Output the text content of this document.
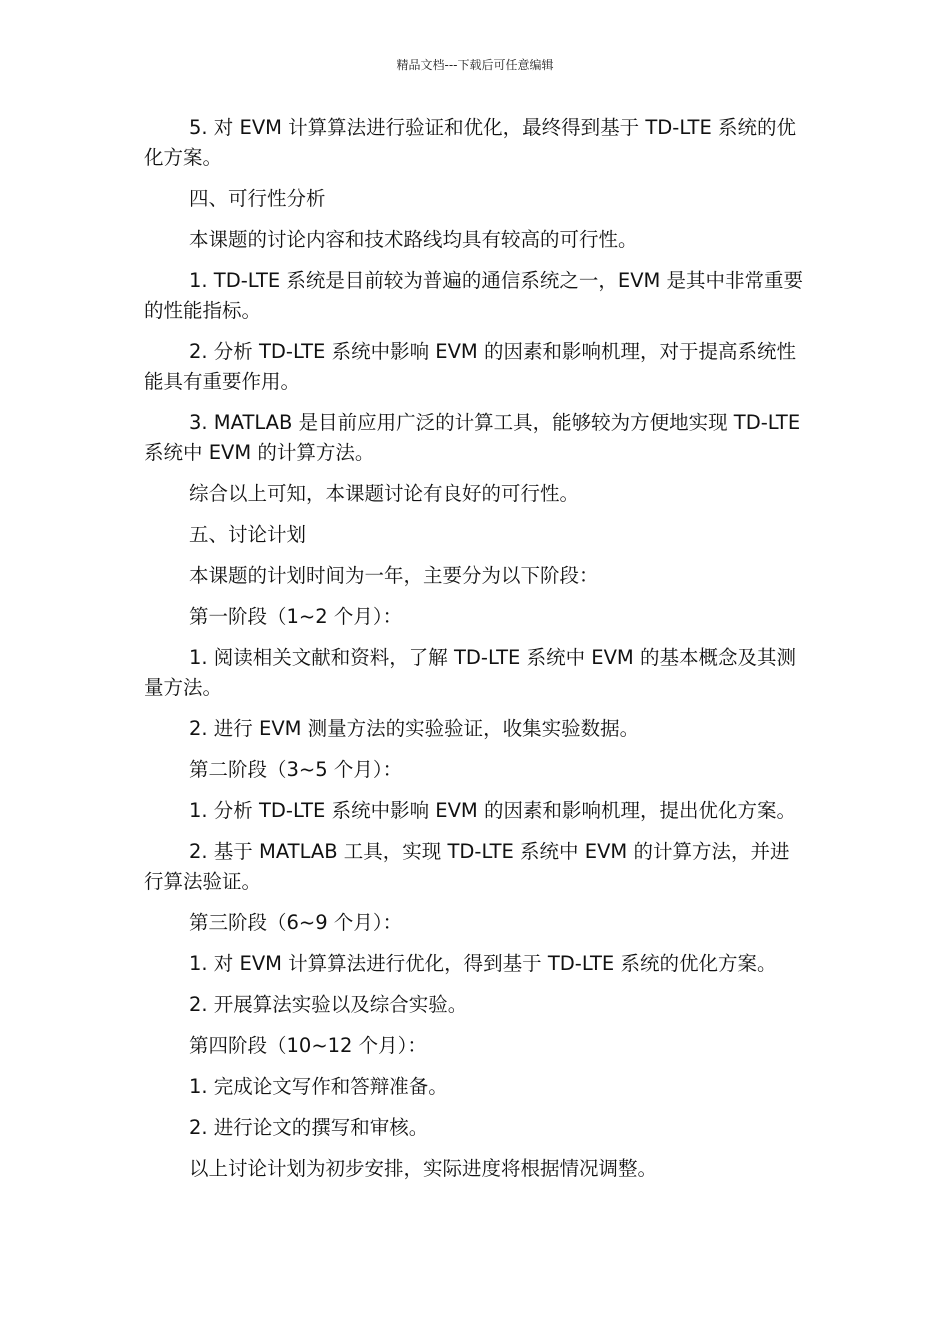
精品文档---下载后可任意编辑

5. 对 EVM 计算算法进行验证和优化，最终得到基于 TD-LTE 系统的优化方案。

四、可行性分析

本课题的讨论内容和技术路线均具有较高的可行性。

1. TD-LTE 系统是目前较为普遍的通信系统之一，EVM 是其中非常重要的性能指标。

2. 分析 TD-LTE 系统中影响 EVM 的因素和影响机理，对于提高系统性能具有重要作用。

3. MATLAB 是目前应用广泛的计算工具，能够较为方便地实现 TD-LTE 系统中 EVM 的计算方法。

综合以上可知，本课题讨论有良好的可行性。

五、讨论计划

本课题的计划时间为一年，主要分为以下阶段：

第一阶段（1~2 个月）：

1. 阅读相关文献和资料，了解 TD-LTE 系统中 EVM 的基本概念及其测量方法。

2. 进行 EVM 测量方法的实验验证，收集实验数据。

第二阶段（3~5 个月）：

1. 分析 TD-LTE 系统中影响 EVM 的因素和影响机理，提出优化方案。

2. 基于 MATLAB 工具，实现 TD-LTE 系统中 EVM 的计算方法，并进行算法验证。

第三阶段（6~9 个月）：

1. 对 EVM 计算算法进行优化，得到基于 TD-LTE 系统的优化方案。

2. 开展算法实验以及综合实验。

第四阶段（10~12 个月）：

1. 完成论文写作和答辩准备。

2. 进行论文的撰写和审核。

以上讨论计划为初步安排，实际进度将根据情况调整。
